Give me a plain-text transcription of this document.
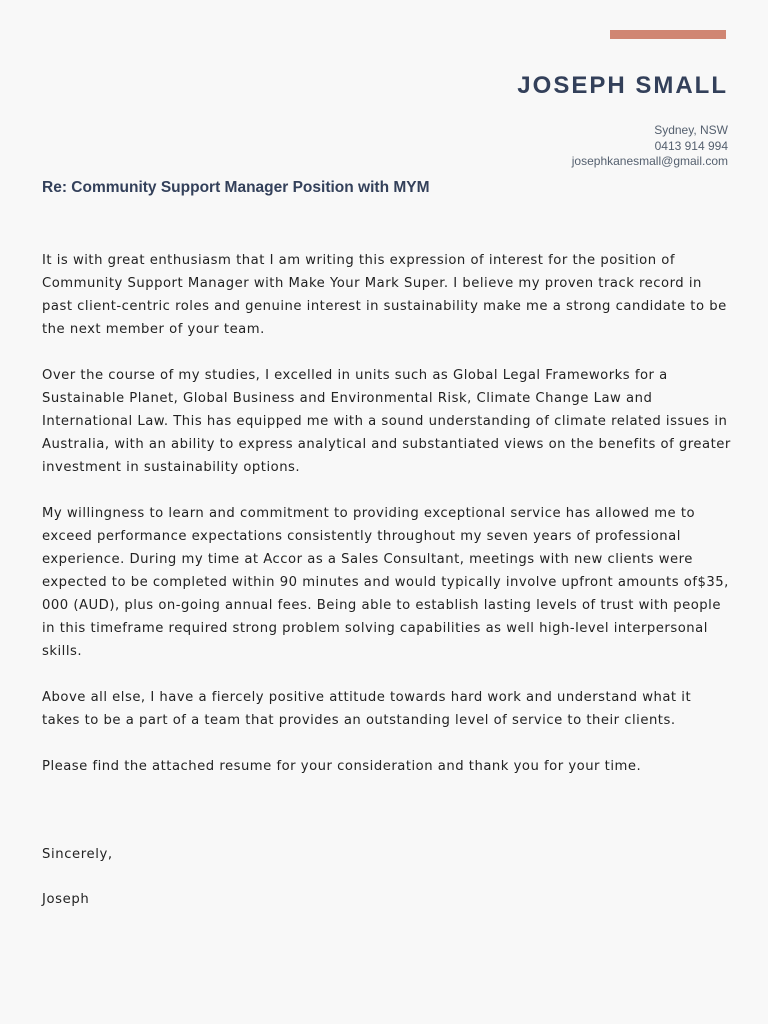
JOSEPH SMALL
Sydney, NSW
0413 914 994
josephkanesmall@gmail.com
Re: Community Support Manager Position with MYM

It is with great enthusiasm that I am writing this expression of interest for the position of Community Support Manager with Make Your Mark Super. I believe my proven track record in past client-centric roles and genuine interest in sustainability make me a strong candidate to be the next member of your team.

Over the course of my studies, I excelled in units such as Global Legal Frameworks for a Sustainable Planet, Global Business and Environmental Risk, Climate Change Law and International Law. This has equipped me with a sound understanding of climate related issues in Australia, with an ability to express analytical and substantiated views on the benefits of greater investment in sustainability options.

My willingness to learn and commitment to providing exceptional service has allowed me to exceed performance expectations consistently throughout my seven years of professional experience. During my time at Accor as a Sales Consultant, meetings with new clients were expected to be completed within 90 minutes and would typically involve upfront amounts of$35, 000 (AUD), plus on-going annual fees. Being able to establish lasting levels of trust with people in this timeframe required strong problem solving capabilities as well high-level interpersonal skills.

Above all else, I have a fiercely positive attitude towards hard work and understand what it takes to be a part of a team that provides an outstanding level of service to their clients.

Please find the attached resume for your consideration and thank you for your time.

Sincerely,
Joseph
